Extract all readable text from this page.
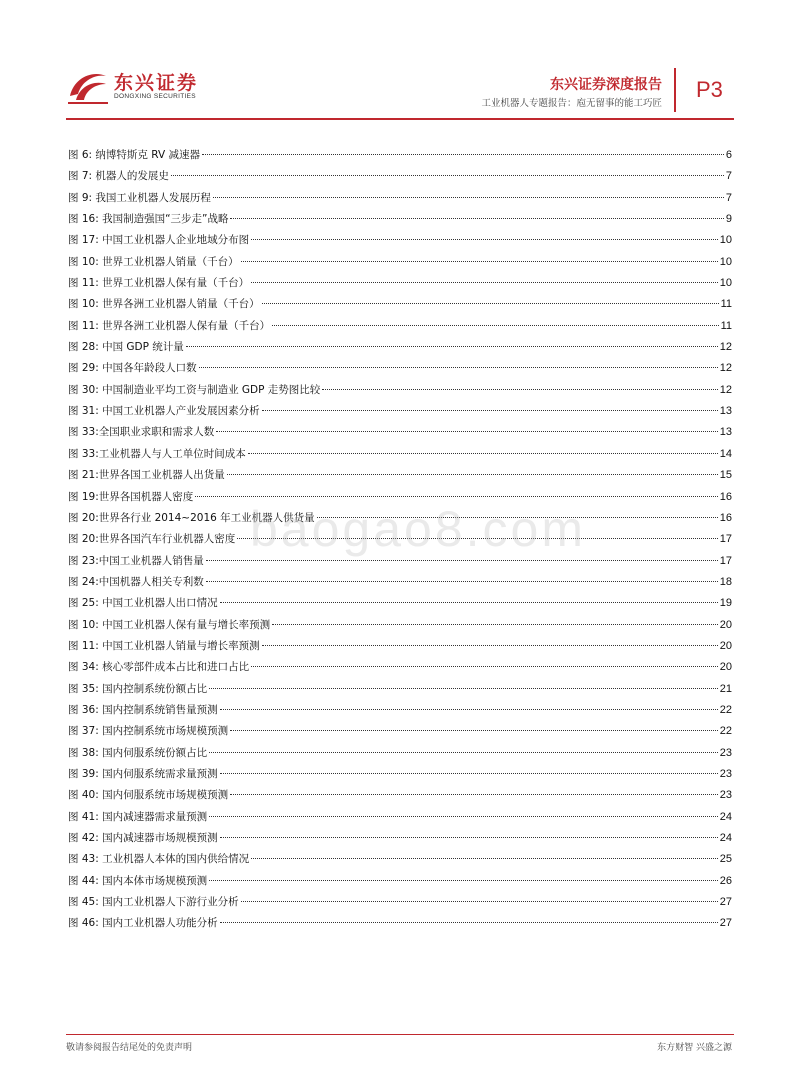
东兴证券
DONGXING SECURITIES
东兴证券深度报告
工业机器人专题报告：庖无留事的能工巧匠
P3
图 6: 纳博特斯克 RV 减速器	6
图 7: 机器人的发展史	7
图 9: 我国工业机器人发展历程	7
图 16: 我国制造强国“三步走”战略	9
图 17: 中国工业机器人企业地域分布图	10
图 10: 世界工业机器人销量（千台）	10
图 11: 世界工业机器人保有量（千台）	10
图 10: 世界各洲工业机器人销量（千台）	11
图 11: 世界各洲工业机器人保有量（千台）	11
图 28: 中国 GDP 统计量	12
图 29: 中国各年龄段人口数	12
图 30: 中国制造业平均工资与制造业 GDP 走势图比较	12
图 31: 中国工业机器人产业发展因素分析	13
图 33:全国职业求职和需求人数	13
图 33:工业机器人与人工单位时间成本	14
图 21:世界各国工业机器人出货量	15
图 19:世界各国机器人密度	16
图 20:世界各行业 2014~2016 年工业机器人供货量	16
图 20:世界各国汽车行业机器人密度	17
图 23:中国工业机器人销售量	17
图 24:中国机器人相关专利数	18
图 25: 中国工业机器人出口情况	19
图 10: 中国工业机器人保有量与增长率预测	20
图 11: 中国工业机器人销量与增长率预测	20
图 34: 核心零部件成本占比和进口占比	20
图 35: 国内控制系统份额占比	21
图 36: 国内控制系统销售量预测	22
图 37: 国内控制系统市场规模预测	22
图 38: 国内伺服系统份额占比	23
图 39: 国内伺服系统需求量预测	23
图 40: 国内伺服系统市场规模预测	23
图 41: 国内减速器需求量预测	24
图 42: 国内减速器市场规模预测	24
图 43: 工业机器人本体的国内供给情况	25
图 44: 国内本体市场规模预测	26
图 45: 国内工业机器人下游行业分析	27
图 46: 国内工业机器人功能分析	27
baogao8.com
敬请参阅报告结尾处的免责声明	东方财智 兴盛之源
